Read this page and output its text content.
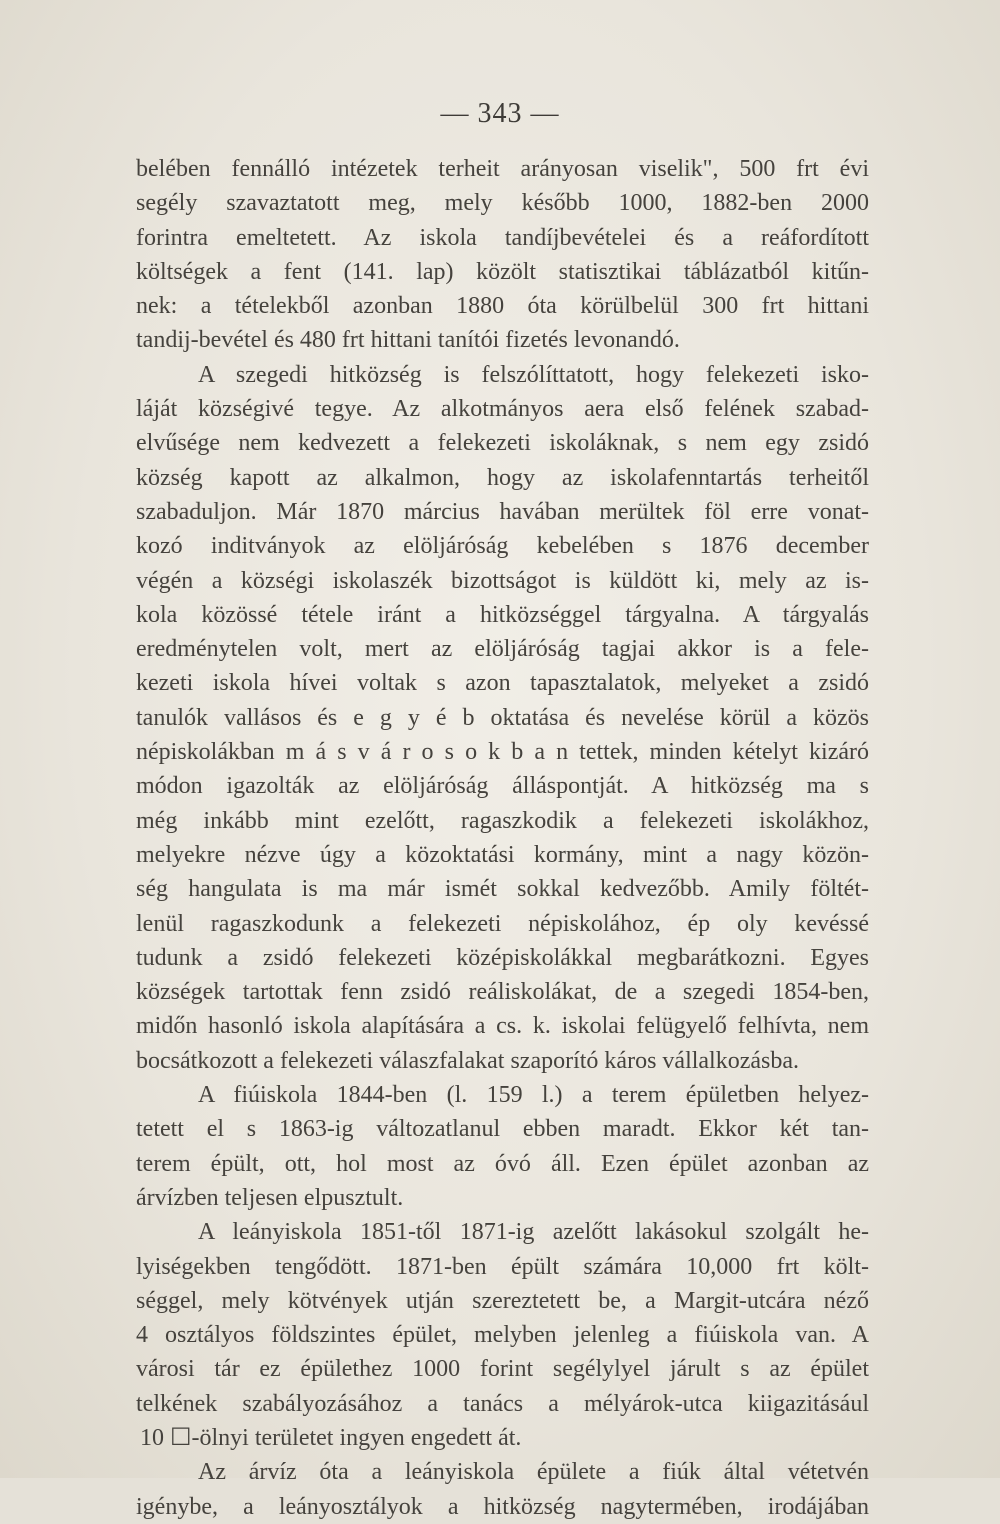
— 343 —
belében fennálló intézetek terheit arányosan viselik", 500 frt évi
segély szavaztatott meg, mely később 1000, 1882-ben 2000
forintra emeltetett. Az iskola tandíjbevételei és a reáfordított
költségek a fent (141. lap) közölt statisztikai táblázatból kitűn-
nek: a tételekből azonban 1880 óta körülbelül 300 frt hittani
tandij-bevétel és 480 frt hittani tanítói fizetés levonandó.
A szegedi hitközség is felszólíttatott, hogy felekezeti isko-
láját községivé tegye. Az alkotmányos aera első felének szabad-
elvűsége nem kedvezett a felekezeti iskoláknak, s nem egy zsidó
község kapott az alkalmon, hogy az iskolafenntartás terheitől
szabaduljon. Már 1870 március havában merültek föl erre vonat-
kozó inditványok az elöljáróság kebelében s 1876 december
végén a községi iskolaszék bizottságot is küldött ki, mely az is-
kola közössé tétele iránt a hitközséggel tárgyalna. A tárgyalás
eredménytelen volt, mert az elöljáróság tagjai akkor is a fele-
kezeti iskola hívei voltak s azon tapasztalatok, melyeket a zsidó
tanulók vallásos és e g y é b oktatása és nevelése körül a közös
népiskolákban m á s v á r o s o k b a n tettek, minden kételyt kizáró
módon igazolták az elöljáróság álláspontját. A hitközség ma s
még inkább mint ezelőtt, ragaszkodik a felekezeti iskolákhoz,
melyekre nézve úgy a közoktatási kormány, mint a nagy közön-
ség hangulata is ma már ismét sokkal kedvezőbb. Amily föltét-
lenül ragaszkodunk a felekezeti népiskolához, ép oly kevéssé
tudunk a zsidó felekezeti középiskolákkal megbarátkozni. Egyes
községek tartottak fenn zsidó reáliskolákat, de a szegedi 1854-ben,
midőn hasonló iskola alapítására a cs. k. iskolai felügyelő felhívta, nem
bocsátkozott a felekezeti válaszfalakat szaporító káros vállalkozásba.
A fiúiskola 1844-ben (l. 159 l.) a terem épületben helyez-
tetett el s 1863-ig változatlanul ebben maradt. Ekkor két tan-
terem épült, ott, hol most az óvó áll. Ezen épület azonban az
árvízben teljesen elpusztult.
A leányiskola 1851-től 1871-ig azelőtt lakásokul szolgált he-
lyiségekben tengődött. 1871-ben épült számára 10,000 frt költ-
séggel, mely kötvények utján szereztetett be, a Margit-utcára néző
4 osztályos földszintes épület, melyben jelenleg a fiúiskola van. A
városi tár ez épülethez 1000 forint segélylyel járult s az épület
telkének szabályozásához a tanács a mélyárok-utca kiigazitásául
10 ☐-ölnyi területet ingyen engedett át.
Az árvíz óta a leányiskola épülete a fiúk által vétetvén
igénybe, a leányosztályok a hitközség nagytermében, irodájában
